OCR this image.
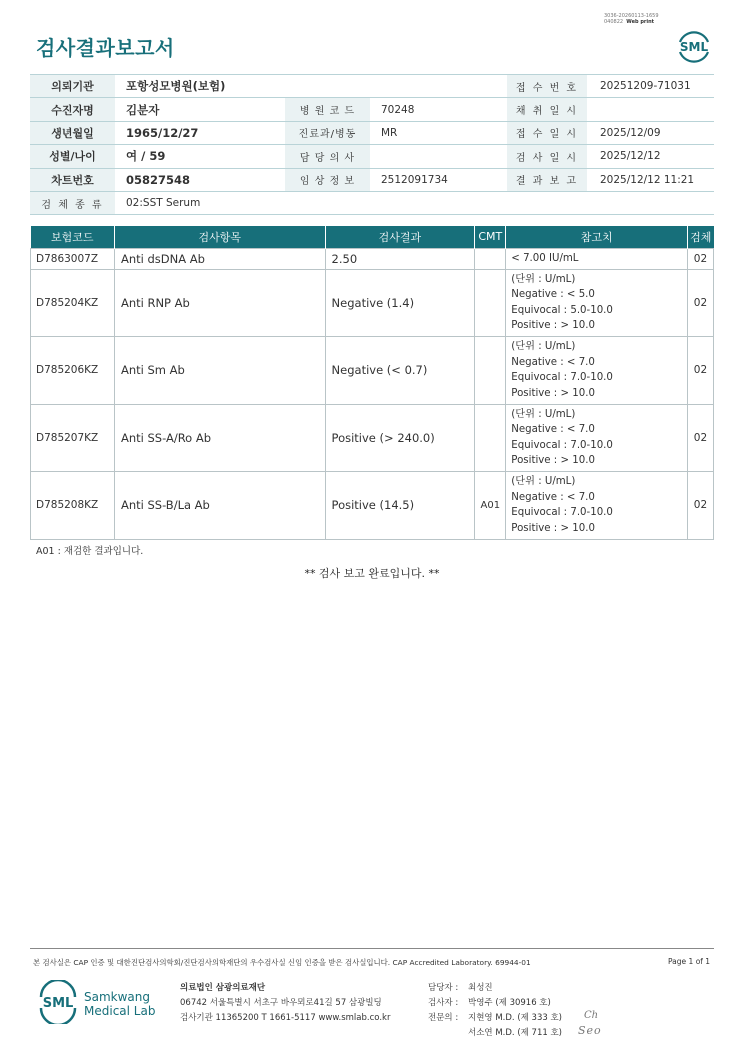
3036-20260113-1659
040822 Web print
검사결과보고서	SML
의뢰기관	포항성모병원(보험)			접 수 번 호	20251209-71031
수진자명	김분자	병 원 코 드	70248	채 취 일 시	
생년월일	1965/12/27	진료과/병동	MR	접 수 일 시	2025/12/09
성별/나이	여 / 59	담 당 의 사		검 사 일 시	2025/12/12
차트번호	05827548	임 상 정 보	2512091734	결 과 보 고	2025/12/12 11:21
검 체 종 류	02:SST Serum				
보험코드	검사항목	검사결과	CMT	참고치	검체
D7863007Z	Anti dsDNA Ab	2.50		< 7.00 IU/mL	02
D785204KZ	Anti RNP Ab	Negative (1.4)		(단위 : U/mL)
Negative : < 5.0
Equivocal : 5.0-10.0
Positive : > 10.0	02
D785206KZ	Anti Sm Ab	Negative (< 0.7)		(단위 : U/mL)
Negative : < 7.0
Equivocal : 7.0-10.0
Positive : > 10.0	02
D785207KZ	Anti SS-A/Ro Ab	Positive (> 240.0)		(단위 : U/mL)
Negative : < 7.0
Equivocal : 7.0-10.0
Positive : > 10.0	02
D785208KZ	Anti SS-B/La Ab	Positive (14.5)	A01	(단위 : U/mL)
Negative : < 7.0
Equivocal : 7.0-10.0
Positive : > 10.0	02
A01 : 재검한 결과입니다.
** 검사 보고 완료입니다. **
본 검사실은 CAP 인증 및 대한진단검사의학회/진단검사의학재단의 우수검사실 신임 인증을 받은 검사실입니다. CAP Accredited Laboratory. 69944-01	Page 1 of 1
SML Samkwang
Medical Lab
의료법인 삼광의료재단
06742 서울특별시 서초구 바우뫼로41길 57 삼광빌딩
검사기관 11365200 T 1661-5117 www.smlab.co.kr
담당자 : 최성진
검사자 : 박영주 (제 30916 호)
전문의 : 지현영 M.D. (제 333 호)
서소연 M.D. (제 711 호)
Ch
Seo
